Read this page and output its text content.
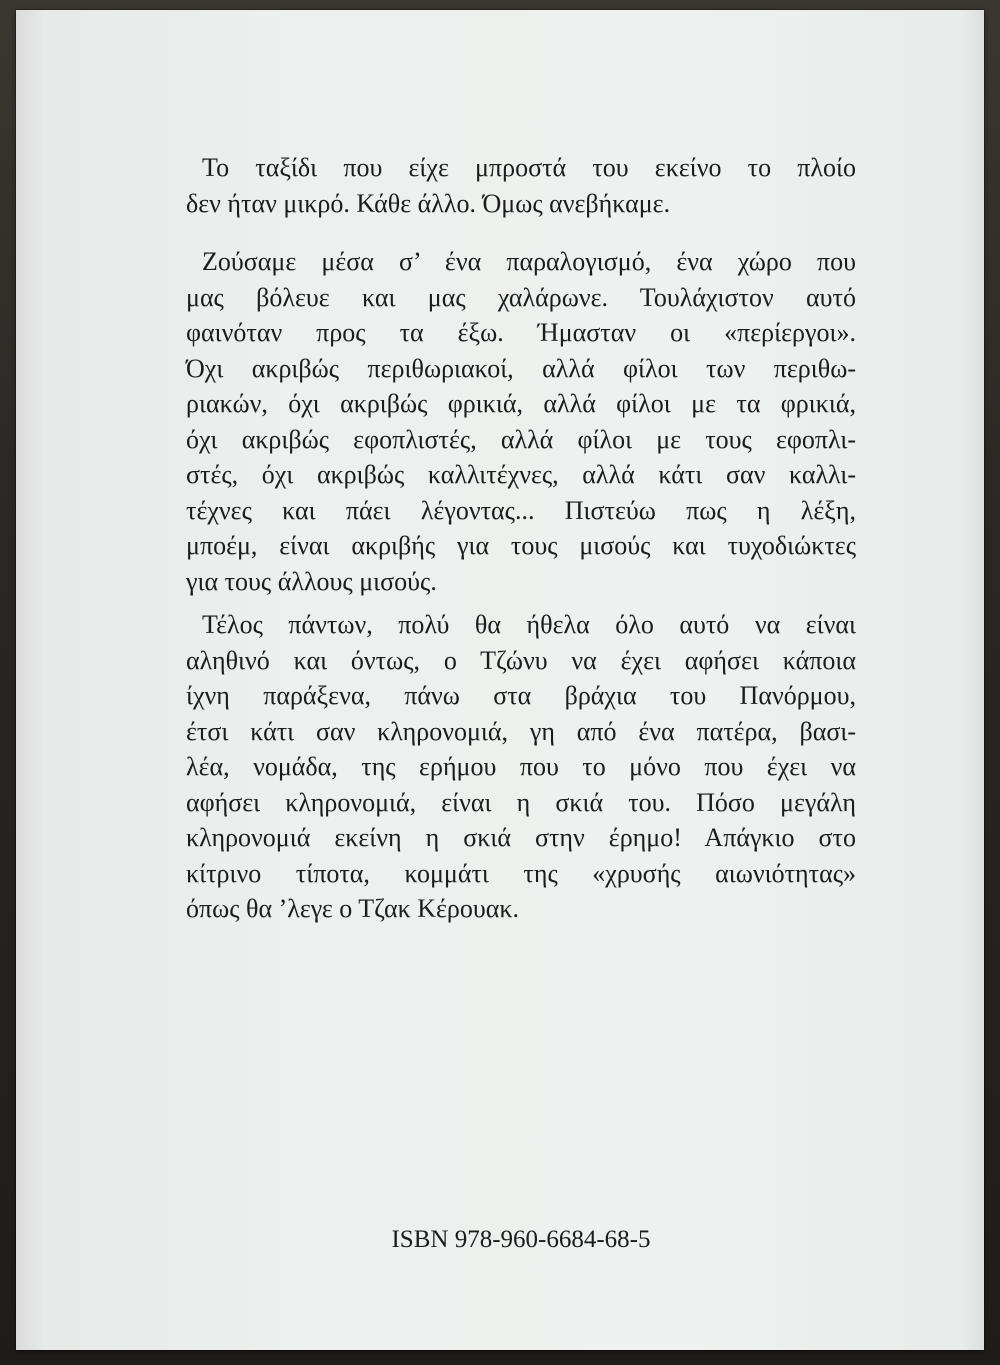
Το ταξίδι που είχε μπροστά του εκείνο το πλοίο
δεν ήταν μικρό. Κάθε άλλο. Όμως ανεβήκαμε.
Ζούσαμε μέσα σ’ ένα παραλογισμό, ένα χώρο που
μας βόλευε και μας χαλάρωνε. Τουλάχιστον αυτό
φαινόταν προς τα έξω. Ήμασταν οι «περίεργοι».
Όχι ακριβώς περιθωριακοί, αλλά φίλοι των περιθω-
ριακών, όχι ακριβώς φρικιά, αλλά φίλοι με τα φρικιά,
όχι ακριβώς εφοπλιστές, αλλά φίλοι με τους εφοπλι-
στές, όχι ακριβώς καλλιτέχνες, αλλά κάτι σαν καλλι-
τέχνες και πάει λέγοντας... Πιστεύω πως η λέξη,
μποέμ, είναι ακριβής για τους μισούς και τυχοδιώκτες
για τους άλλους μισούς.
Τέλος πάντων, πολύ θα ήθελα όλο αυτό να είναι
αληθινό και όντως, ο Τζώνυ να έχει αφήσει κάποια
ίχνη παράξενα, πάνω στα βράχια του Πανόρμου,
έτσι κάτι σαν κληρονομιά, γη από ένα πατέρα, βασι-
λέα, νομάδα, της ερήμου που το μόνο που έχει να
αφήσει κληρονομιά, είναι η σκιά του. Πόσο μεγάλη
κληρονομιά εκείνη η σκιά στην έρημο! Απάγκιο στο
κίτρινο τίποτα, κομμάτι της «χρυσής αιωνιότητας»
όπως θα ’λεγε ο Τζακ Κέρουακ.
ISBN 978-960-6684-68-5
